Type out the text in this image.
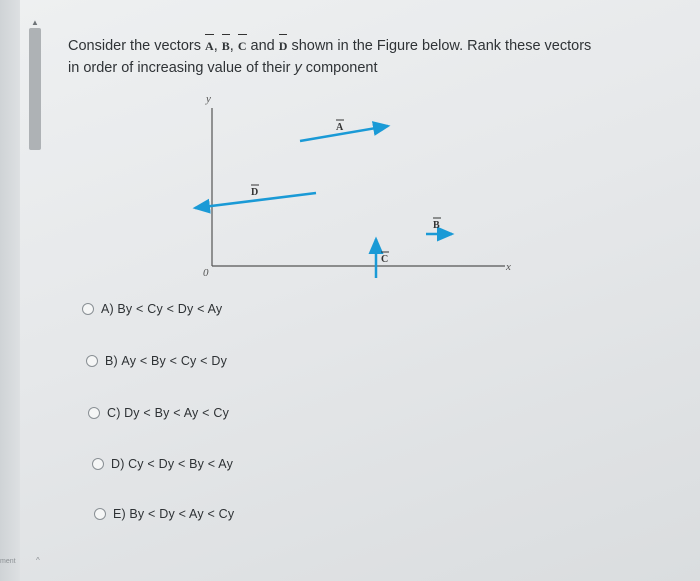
▲
Consider the vectors A, B, C and D shown in the Figure below. Rank these vectors
in order of increasing value of their y component
y
x
0
A
D
B
C
A)
By < Cy < Dy < Ay
B)
Ay < By < Cy < Dy
C)
Dy < By < Ay < Cy
D)
Cy < Dy < By < Ay
E)
By < Dy < Ay < Cy
ment	^
